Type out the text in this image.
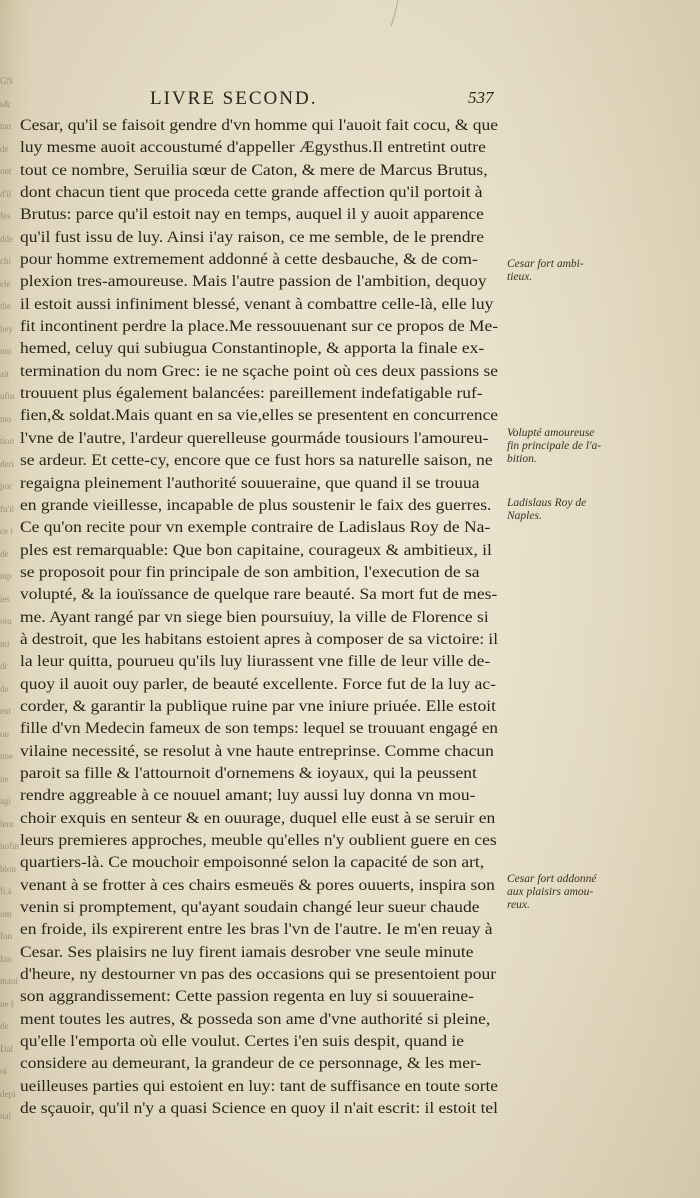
GN
s&
tan
de
ont
d'il
fes
dde
chi
ele
the
bey
ont
ait
ufin
mo
tion
deri
por
fu'il
ce t
de
mp
ies
oiu
mi
dr
de
ent
ou
une
ne
agi
lenr
nofin
blon
fi,à
om
fon
fan
mani
ne f
de
Dal
ol
depi
nal
LIVRE SECOND.	537
Cesar, qu'il se faisoit gendre d'vn homme qui l'auoit fait cocu, & que
luy mesme auoit accoustumé d'appeller Ægysthus.Il entretint outre
tout ce nombre, Seruilia sœur de Caton, & mere de Marcus Brutus,
dont chacun tient que proceda cette grande affection qu'il portoit à
Brutus: parce qu'il estoit nay en temps, auquel il y auoit apparence
qu'il fust issu de luy. Ainsi i'ay raison, ce me semble, de le prendre
pour homme extremement addonné à cette desbauche, & de com-
plexion tres-amoureuse. Mais l'autre passion de l'ambition, dequoy
il estoit aussi infiniment blessé, venant à combattre celle-là, elle luy
fit incontinent perdre la place.Me ressouuenant sur ce propos de Me-
hemed, celuy qui subiugua Constantinople, & apporta la finale ex-
termination du nom Grec: ie ne sçache point où ces deux passions se
trouuent plus également balancées: pareillement indefatigable ruf-
fien,& soldat.Mais quant en sa vie,elles se presentent en concurrence
l'vne de l'autre, l'ardeur querelleuse gourmáde tousiours l'amoureu-
se ardeur. Et cette-cy, encore que ce fust hors sa naturelle saison, ne
regaigna pleinement l'authorité souueraine, que quand il se trouua
en grande vieillesse, incapable de plus soustenir le faix des guerres.
Ce qu'on recite pour vn exemple contraire de Ladislaus Roy de Na-
ples est remarquable: Que bon capitaine, courageux & ambitieux, il
se proposoit pour fin principale de son ambition, l'execution de sa
volupté, & la iouïssance de quelque rare beauté. Sa mort fut de mes-
me. Ayant rangé par vn siege bien poursuiuy, la ville de Florence si
à destroit, que les habitans estoient apres à composer de sa victoire: il
la leur quitta, pourueu qu'ils luy liurassent vne fille de leur ville de-
quoy il auoit ouy parler, de beauté excellente. Force fut de la luy ac-
corder, & garantir la publique ruine par vne iniure priuée. Elle estoit
fille d'vn Medecin fameux de son temps: lequel se trouuant engagé en
vilaine necessité, se resolut à vne haute entreprinse. Comme chacun
paroit sa fille & l'attournoit d'ornemens & ioyaux, qui la peussent
rendre aggreable à ce nouuel amant; luy aussi luy donna vn mou-
choir exquis en senteur & en ouurage, duquel elle eust à se seruir en
leurs premieres approches, meuble qu'elles n'y oublient guere en ces
quartiers-là. Ce mouchoir empoisonné selon la capacité de son art,
venant à se frotter à ces chairs esmeuës & pores ouuerts, inspira son
venin si promptement, qu'ayant soudain changé leur sueur chaude
en froide, ils expirerent entre les bras l'vn de l'autre. Ie m'en reuay à
Cesar. Ses plaisirs ne luy firent iamais desrober vne seule minute
d'heure, ny destourner vn pas des occasions qui se presentoient pour
son aggrandissement: Cette passion regenta en luy si souueraine-
ment toutes les autres, & possedа son ame d'vne authorité si pleine,
qu'elle l'emporta où elle voulut. Certes i'en suis despit, quand ie
considere au demeurant, la grandeur de ce personnage, & les mer-
ueilleuses parties qui estoient en luy: tant de suffisance en toute sorte
de sçauoir, qu'il n'y a quasi Science en quoy il n'ait escrit: il estoit tel
Cesar fort ambi-
tieux.
Volupté amoureuse
fin principale de l'a-
bition.
Ladislaus Roy de
Naples.
Cesar fort addonné
aux plaisirs amou-
reux.
